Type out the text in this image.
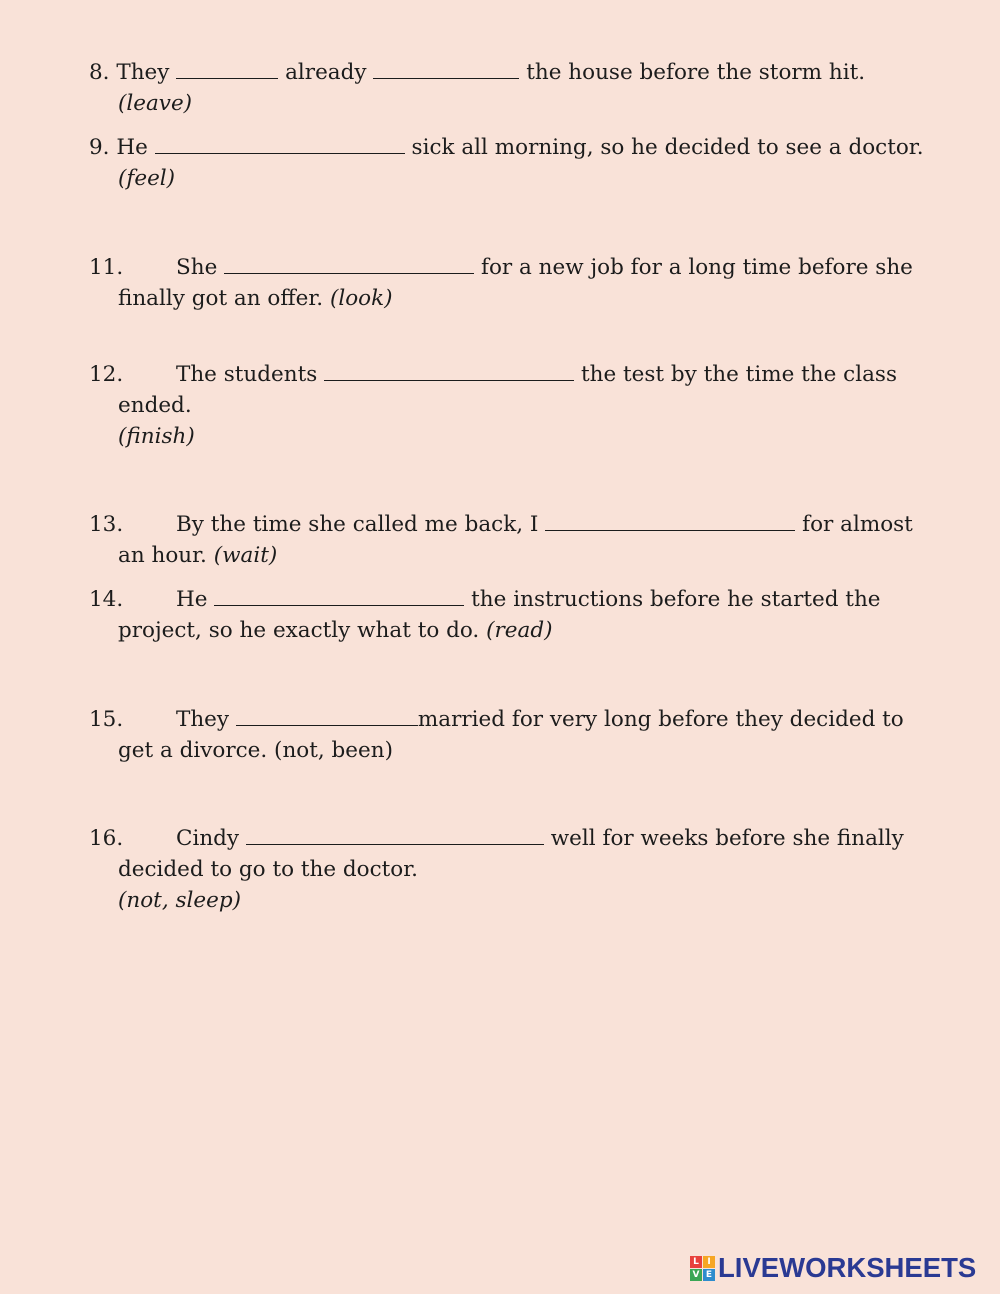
8. They	already	the house before the storm hit.
(leave)
9. He	sick all morning, so he decided to see a doctor.
(feel)
11. She	for a new job for a long time before she
finally got an offer. (look)
12. The students	the test by the time the class
ended.
(finish)
13. By the time she called me back, I	for almost
an hour. (wait)
14. He	the instructions before he started the
project, so he exactly what to do. (read)
15. They	married for very long before they decided to
get a divorce. (not, been)
16. Cindy	well for weeks before she finally
decided to go to the doctor.
(not, sleep)
L I
V E LIVEWORKSHEETS
